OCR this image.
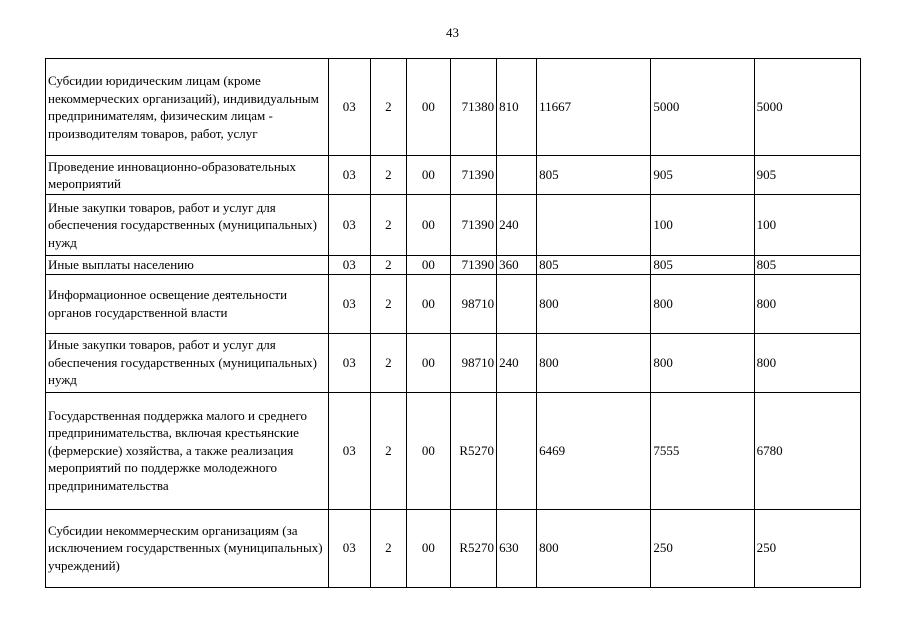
43
Субсидии юридическим лицам (кроме некоммерческих организаций), индивидуальным предпринимателям, физическим лицам - производителям товаров, работ, услуг	03	2	00	71380	810	11667	5000	5000
Проведение инновационно-образовательных мероприятий	03	2	00	71390		805	905	905
Иные закупки товаров, работ и услуг для обеспечения государственных (муниципальных) нужд	03	2	00	71390	240		100	100
Иные выплаты населению	03	2	00	71390	360	805	805	805
Информационное освещение деятельности органов государственной власти	03	2	00	98710		800	800	800
Иные закупки товаров, работ и услуг для обеспечения государственных (муниципальных) нужд	03	2	00	98710	240	800	800	800
Государственная поддержка малого и среднего предпринимательства, включая крестьянские (фермерские) хозяйства, а также реализация мероприятий по поддержке молодежного предпринимательства	03	2	00	R5270		6469	7555	6780
Субсидии некоммерческим организациям (за исключением государственных (муниципальных) учреждений)	03	2	00	R5270	630	800	250	250
